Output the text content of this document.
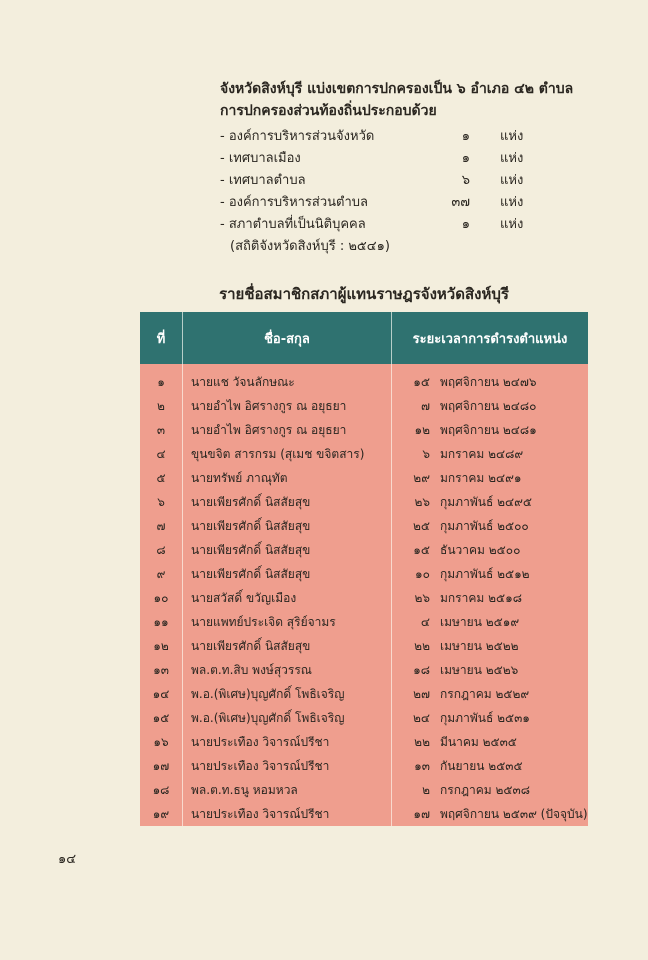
จังหวัดสิงห์บุรี แบ่งเขตการปกครองเป็น ๖ อำเภอ ๔๒ ตำบล
การปกครองส่วนท้องถิ่นประกอบด้วย
- องค์การบริหารส่วนจังหวัด	๑ แห่ง
- เทศบาลเมือง	๑ แห่ง
- เทศบาลตำบล	๖ แห่ง
- องค์การบริหารส่วนตำบล	๓๗ แห่ง
- สภาตำบลที่เป็นนิติบุคคล	๑ แห่ง
(สถิติจังหวัดสิงห์บุรี : ๒๕๔๑)
รายชื่อสมาชิกสภาผู้แทนราษฎรจังหวัดสิงห์บุรี
ที่	ชื่อ-สกุล	ระยะเวลาการดำรงตำแหน่ง
๑	นายแช วัจนลักษณะ	๑๕ พฤศจิกายน ๒๔๗๖
๒	นายอำไพ อิศรางกูร ณ อยุธยา	๗ พฤศจิกายน ๒๔๘๐
๓	นายอำไพ อิศรางกูร ณ อยุธยา	๑๒ พฤศจิกายน ๒๔๘๑
๔	ขุนขจิต สารกรม (สุเมช ขจิตสาร)	๖ มกราคม ๒๔๘๙
๕	นายทรัพย์ ภาณุทัต	๒๙ มกราคม ๒๔๙๑
๖	นายเพียรศักดิ์ นิสสัยสุข	๒๖ กุมภาพันธ์ ๒๔๙๕
๗	นายเพียรศักดิ์ นิสสัยสุข	๒๕ กุมภาพันธ์ ๒๕๐๐
๘	นายเพียรศักดิ์ นิสสัยสุข	๑๕ ธันวาคม ๒๕๐๐
๙	นายเพียรศักดิ์ นิสสัยสุข	๑๐ กุมภาพันธ์ ๒๕๑๒
๑๐	นายสวัสดิ์ ขวัญเมือง	๒๖ มกราคม ๒๕๑๘
๑๑	นายแพทย์ประเจิด สุริย์จามร	๔ เมษายน ๒๕๑๙
๑๒	นายเพียรศักดิ์ นิสสัยสุข	๒๒ เมษายน ๒๕๒๒
๑๓	พล.ต.ท.สิบ พงษ์สุวรรณ	๑๘ เมษายน ๒๕๒๖
๑๔	พ.อ.(พิเศษ)บุญศักดิ์ โพธิเจริญ	๒๗ กรกฎาคม ๒๕๒๙
๑๕	พ.อ.(พิเศษ)บุญศักดิ์ โพธิเจริญ	๒๔ กุมภาพันธ์ ๒๕๓๑
๑๖	นายประเทือง วิจารณ์ปรีชา	๒๒ มีนาคม ๒๕๓๕
๑๗	นายประเทือง วิจารณ์ปรีชา	๑๓ กันยายน ๒๕๓๕
๑๘	พล.ต.ท.ธนู หอมหวล	๒ กรกฎาคม ๒๕๓๘
๑๙	นายประเทือง วิจารณ์ปรีชา	๑๗ พฤศจิกายน ๒๕๓๙ (ปัจจุบัน)
๑๔
